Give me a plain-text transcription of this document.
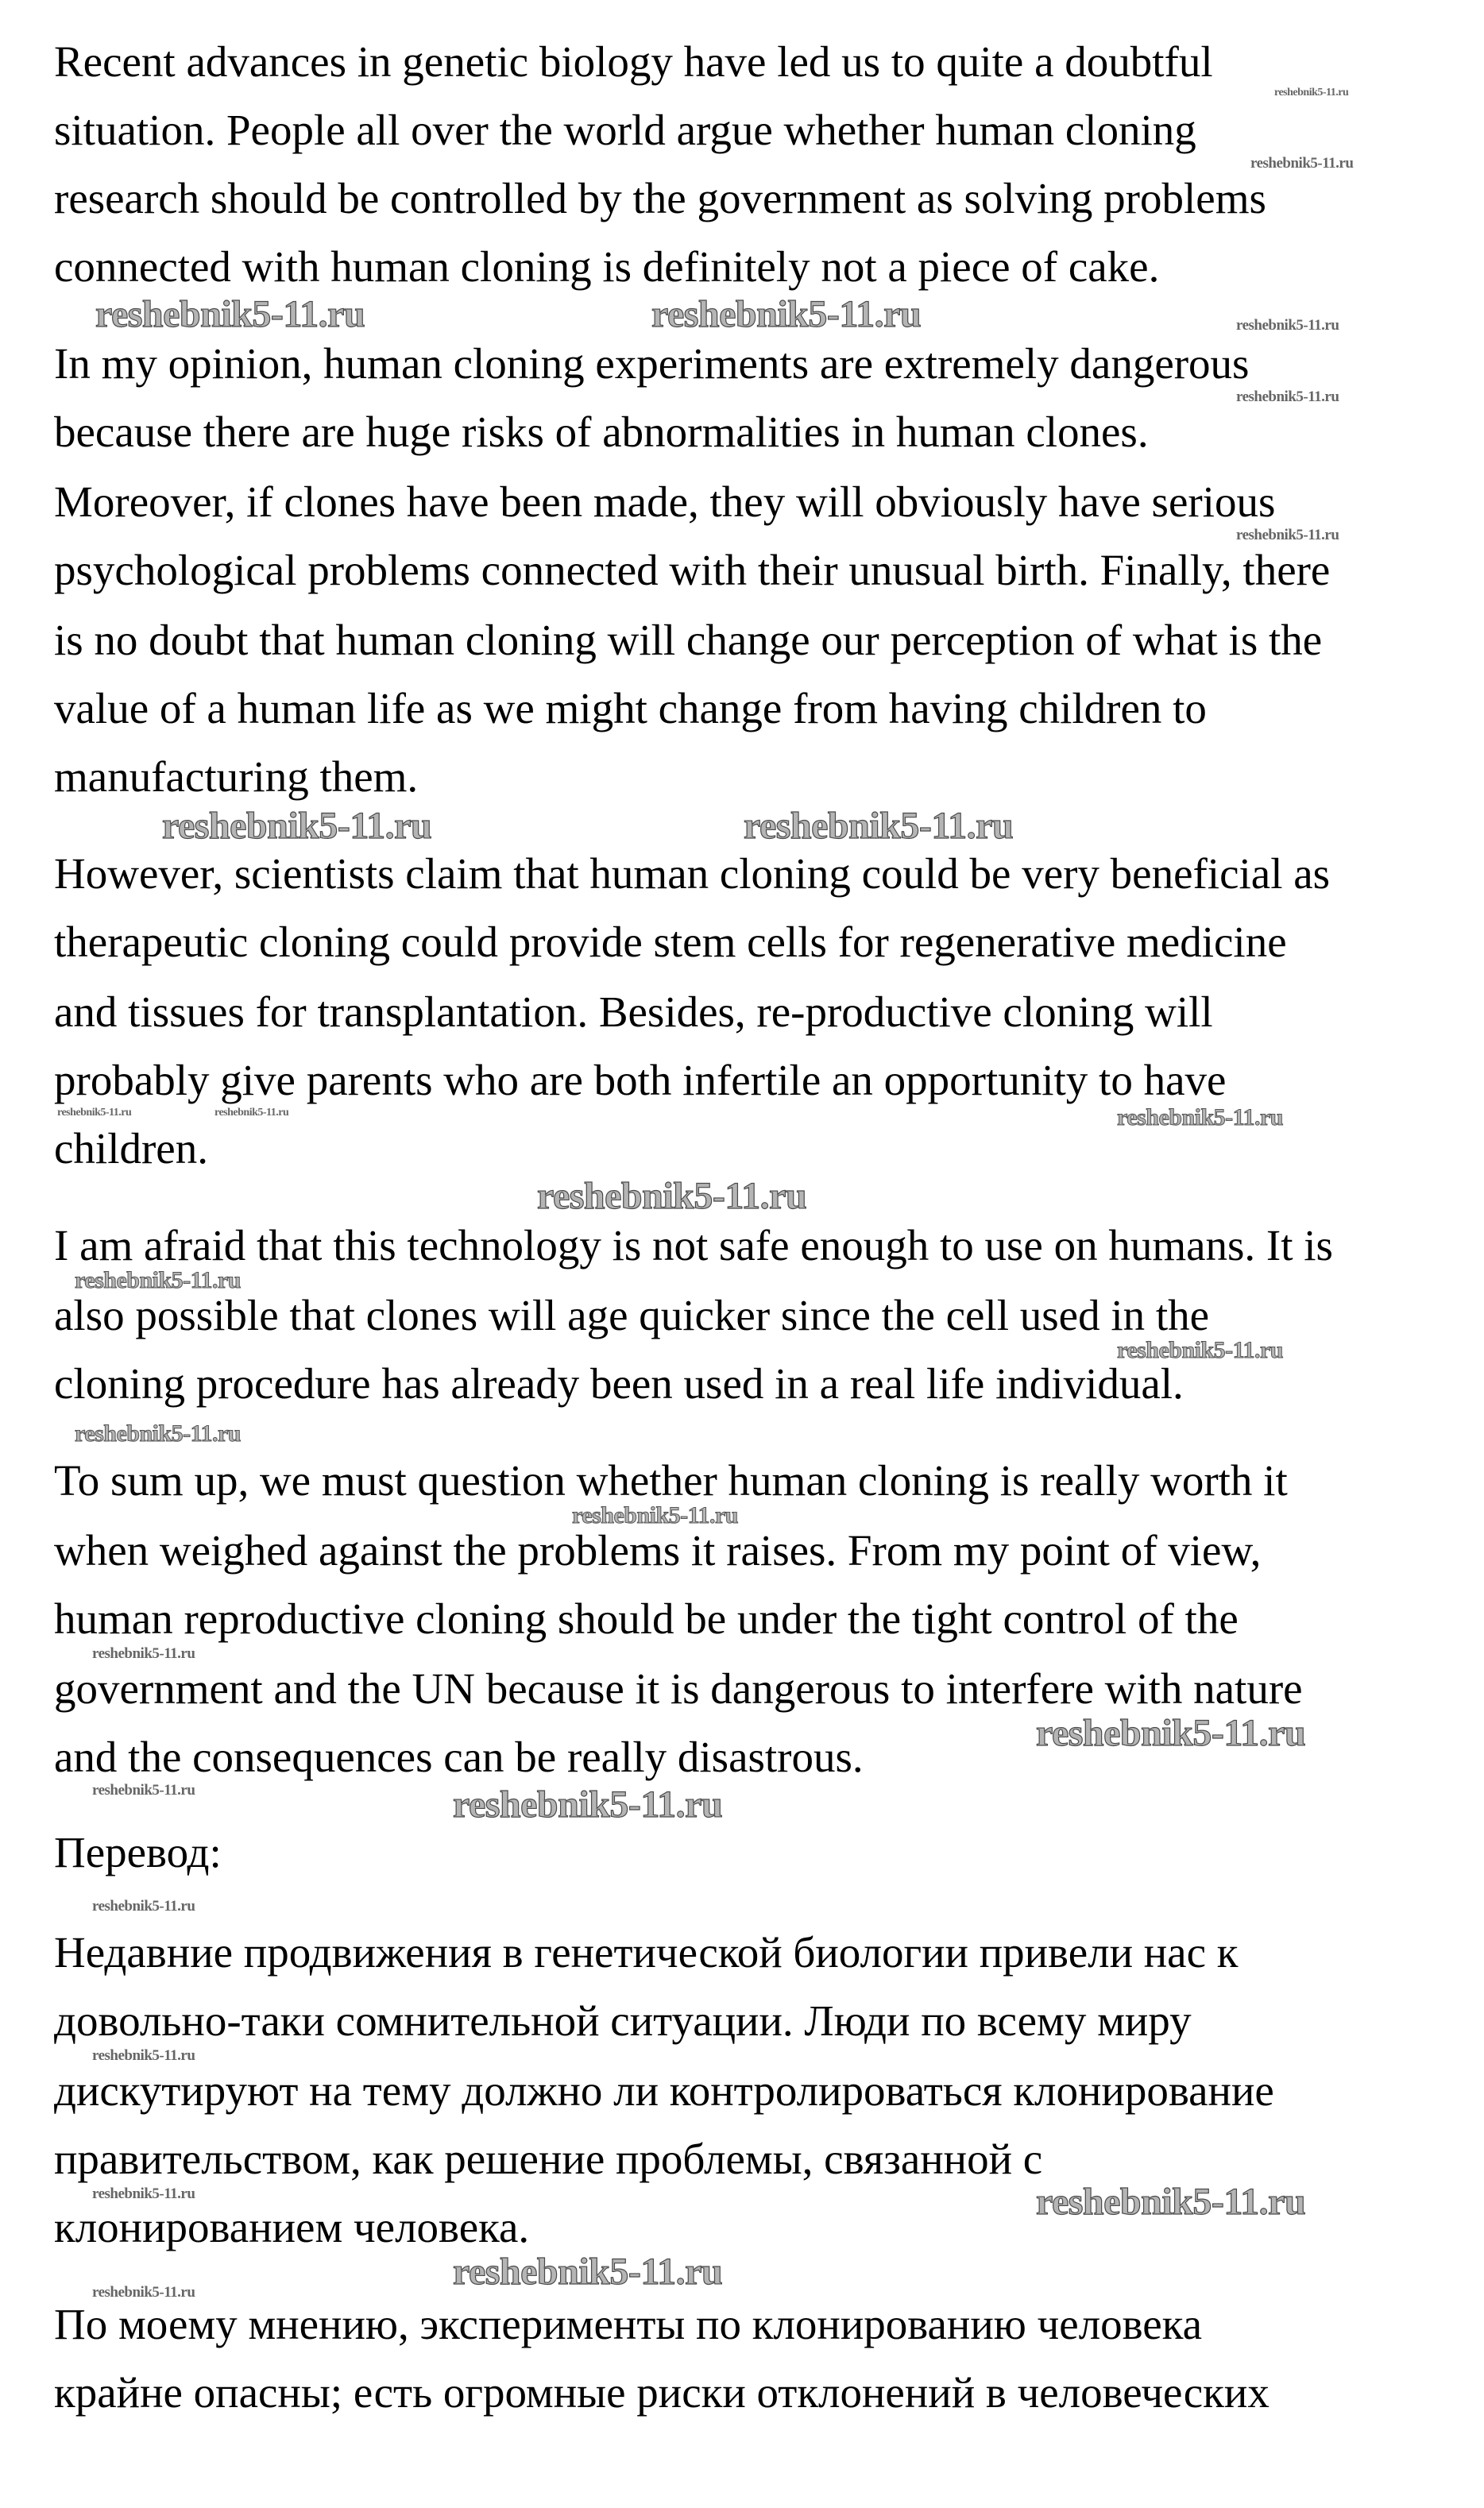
Recent advances in genetic biology have led us to quite a doubtful
situation. People all over the world argue whether human cloning
research should be controlled by the government as solving problems
connected with human cloning is definitely not a piece of cake.
In my opinion, human cloning experiments are extremely dangerous
because there are huge risks of abnormalities in human clones.
Moreover, if clones have been made, they will obviously have serious
psychological problems connected with their unusual birth. Finally, there
is no doubt that human cloning will change our perception of what is the
value of a human life as we might change from having children to
manufacturing them.
However, scientists claim that human cloning could be very beneficial as
therapeutic cloning could provide stem cells for regenerative medicine
and tissues for transplantation. Besides, re-productive cloning will
probably give parents who are both infertile an opportunity to have
children.
I am afraid that this technology is not safe enough to use on humans. It is
also possible that clones will age quicker since the cell used in the
cloning procedure has already been used in a real life individual.
To sum up, we must question whether human cloning is really worth it
when weighed against the problems it raises. From my point of view,
human reproductive cloning should be under the tight control of the
government and the UN because it is dangerous to interfere with nature
and the consequences can be really disastrous.
Перевод:
Недавние продвижения в генетической биологии привели нас к
довольно-таки сомнительной ситуации. Люди по всему миру
дискутируют на тему должно ли контролироваться клонирование
правительством, как решение проблемы, связанной с
клонированием человека.
По моему мнению, эксперименты по клонированию человека
крайне опасны; есть огромные риски отклонений в человеческих
reshebnik5-11.ru
reshebnik5-11.ru
reshebnik5-11.ru	reshebnik5-11.ru	reshebnik5-11.ru
reshebnik5-11.ru
reshebnik5-11.ru
reshebnik5-11.ru	reshebnik5-11.ru
reshebnik5-11.ru	reshebnik5-11.ru	reshebnik5-11.ru
reshebnik5-11.ru
reshebnik5-11.ru
reshebnik5-11.ru
reshebnik5-11.ru
reshebnik5-11.ru
reshebnik5-11.ru
reshebnik5-11.ru
reshebnik5-11.ru	reshebnik5-11.ru
reshebnik5-11.ru
reshebnik5-11.ru
reshebnik5-11.ru	reshebnik5-11.ru
reshebnik5-11.ru
reshebnik5-11.ru
